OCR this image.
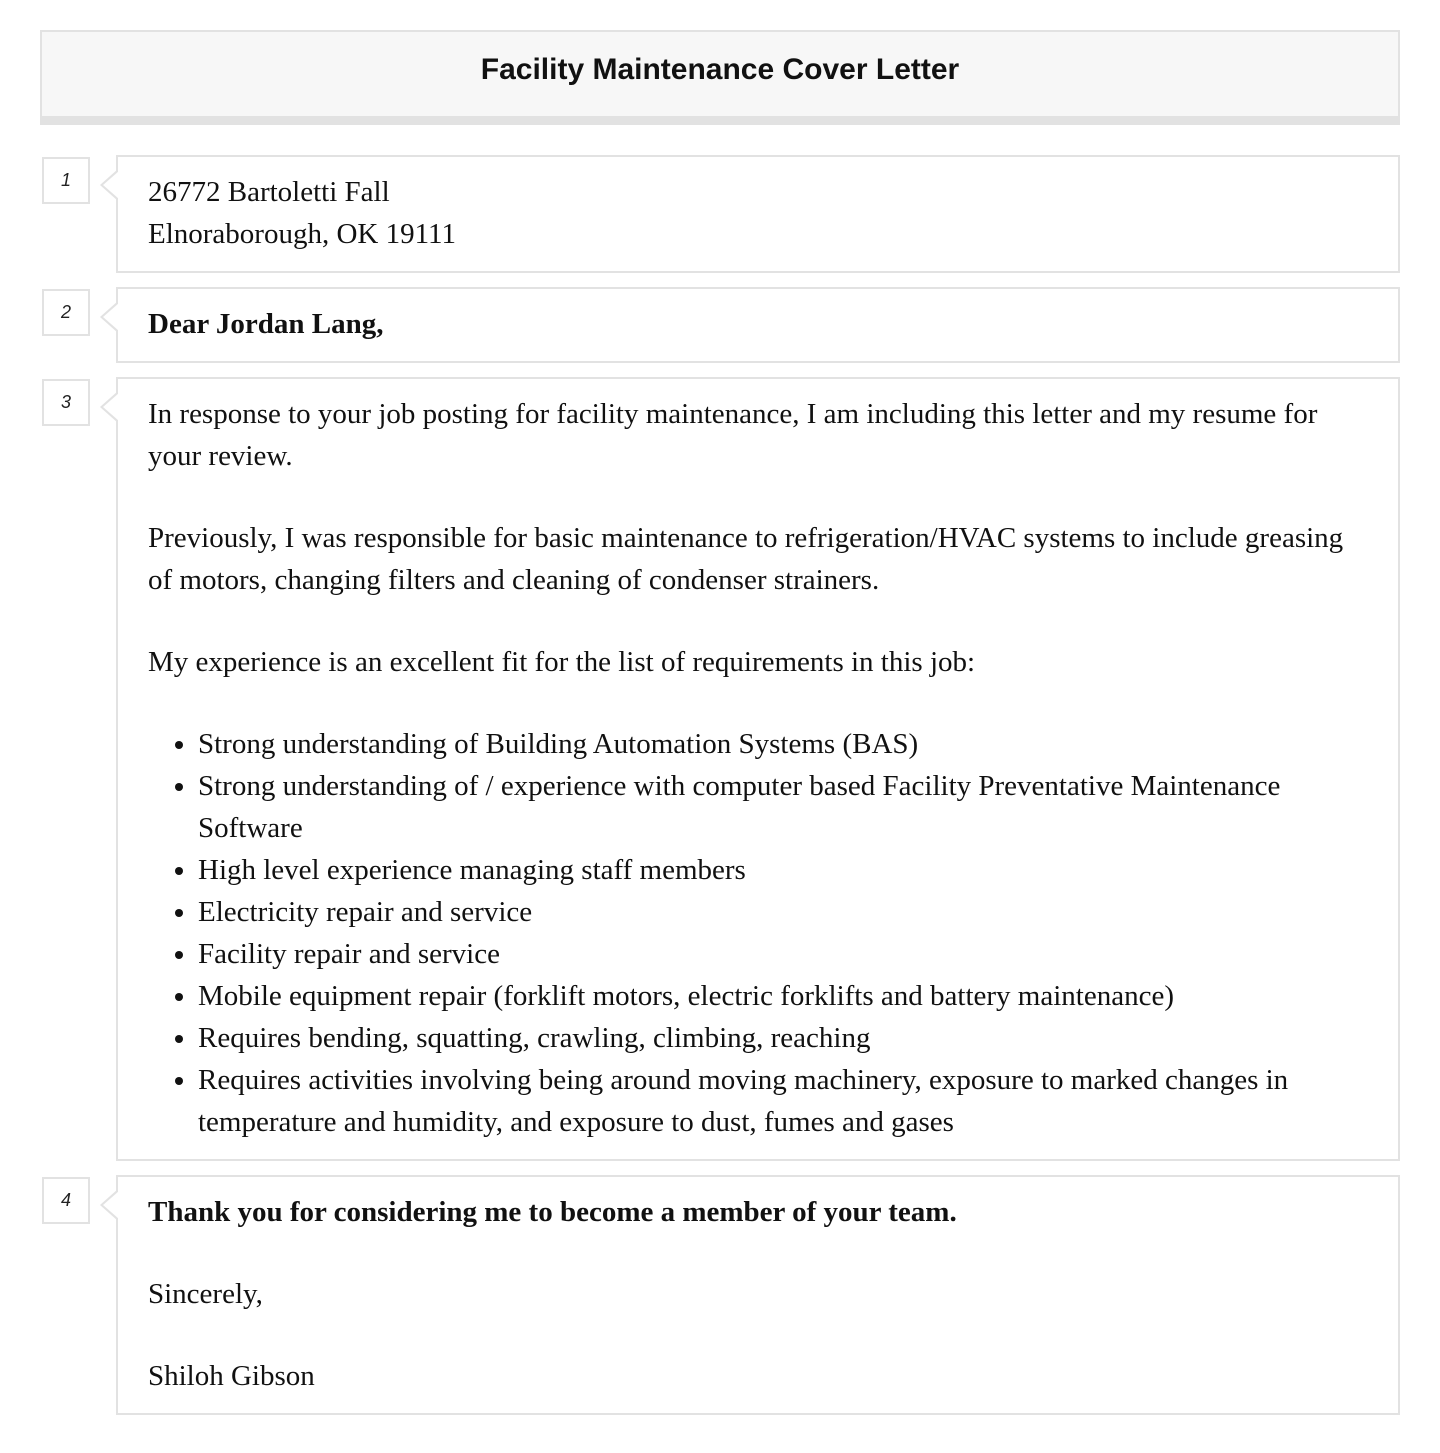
Facility Maintenance Cover Letter
1	26772 Bartoletti Fall
Elnoraborough, OK 19111
2	Dear Jordan Lang,
3	In response to your job posting for facility maintenance, I am including this letter and my resume for your review.
Previously, I was responsible for basic maintenance to refrigeration/HVAC systems to include greasing of motors, changing filters and cleaning of condenser strainers.
My experience is an excellent fit for the list of requirements in this job:
• Strong understanding of Building Automation Systems (BAS)
• Strong understanding of / experience with computer based Facility Preventative Maintenance Software
• High level experience managing staff members
• Electricity repair and service
• Facility repair and service
• Mobile equipment repair (forklift motors, electric forklifts and battery maintenance)
• Requires bending, squatting, crawling, climbing, reaching
• Requires activities involving being around moving machinery, exposure to marked changes in temperature and humidity, and exposure to dust, fumes and gases
4	Thank you for considering me to become a member of your team.
Sincerely,
Shiloh Gibson
